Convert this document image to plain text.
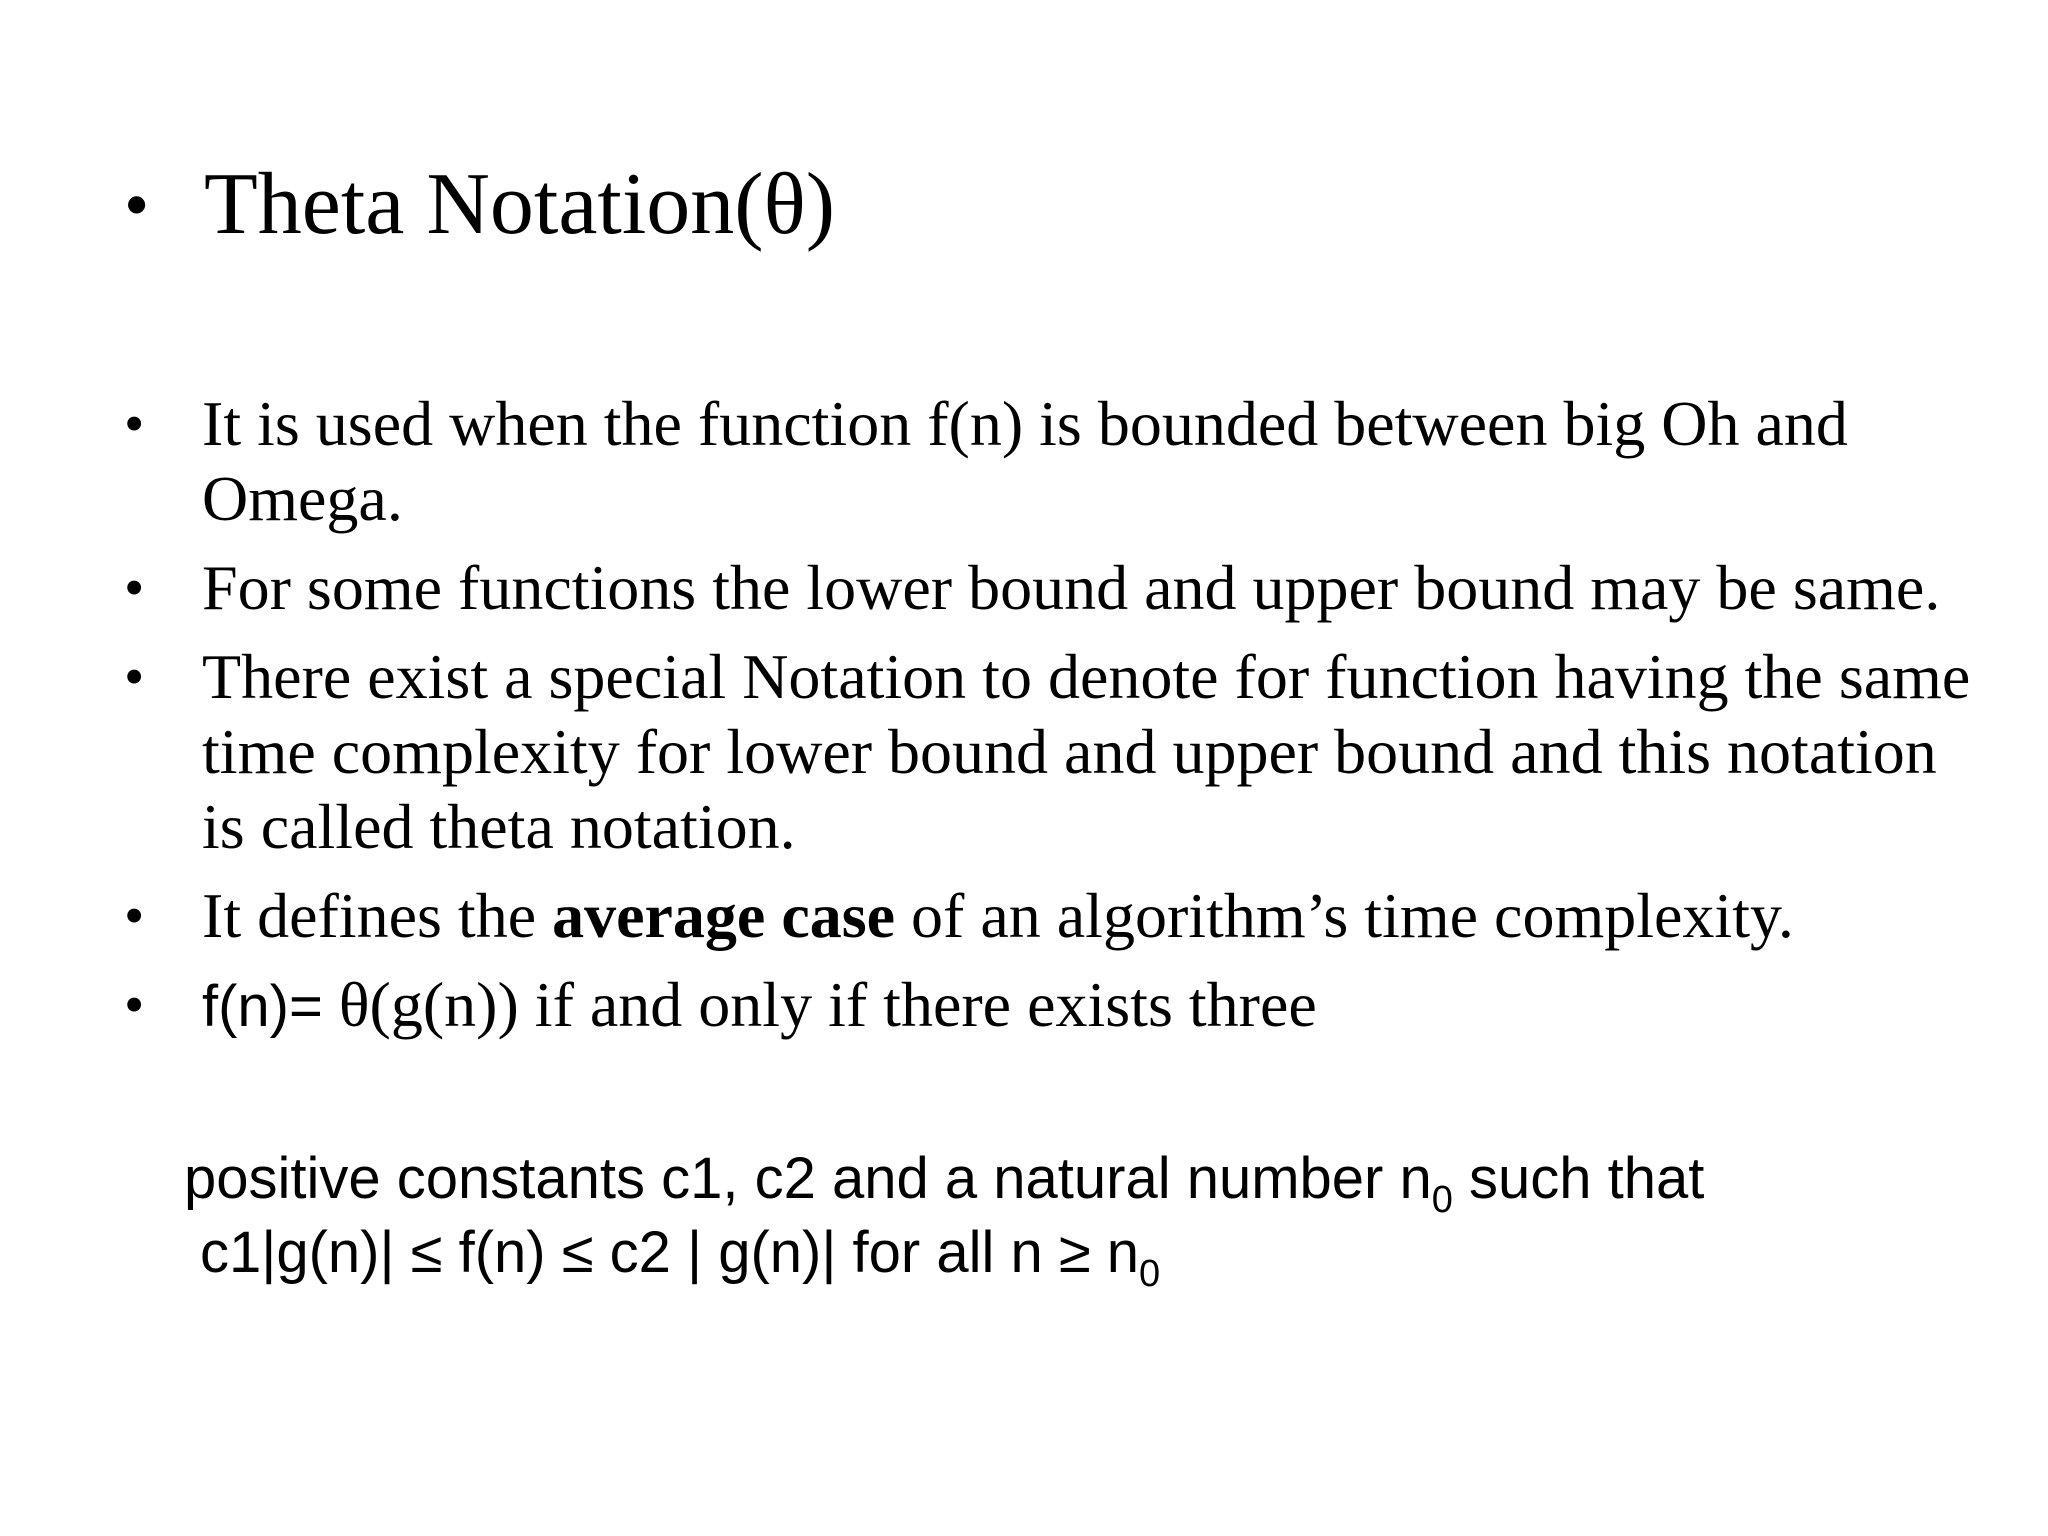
• Theta Notation(θ)
• It is used when the function f(n) is bounded between big Oh and Omega.
• For some functions the lower bound and upper bound may be same.
• There exist a special Notation to denote for function having the same time complexity for lower bound and upper bound and this notation is called theta notation.
• It defines the average case of an algorithm’s time complexity.
• f(n)= θ(g(n)) if and only if there exists three
positive constants c1, c2 and a natural number $n_0$ such that
c1|g(n)| ≤ f(n) ≤ c2 | g(n)| for all $n \ge n_0$
